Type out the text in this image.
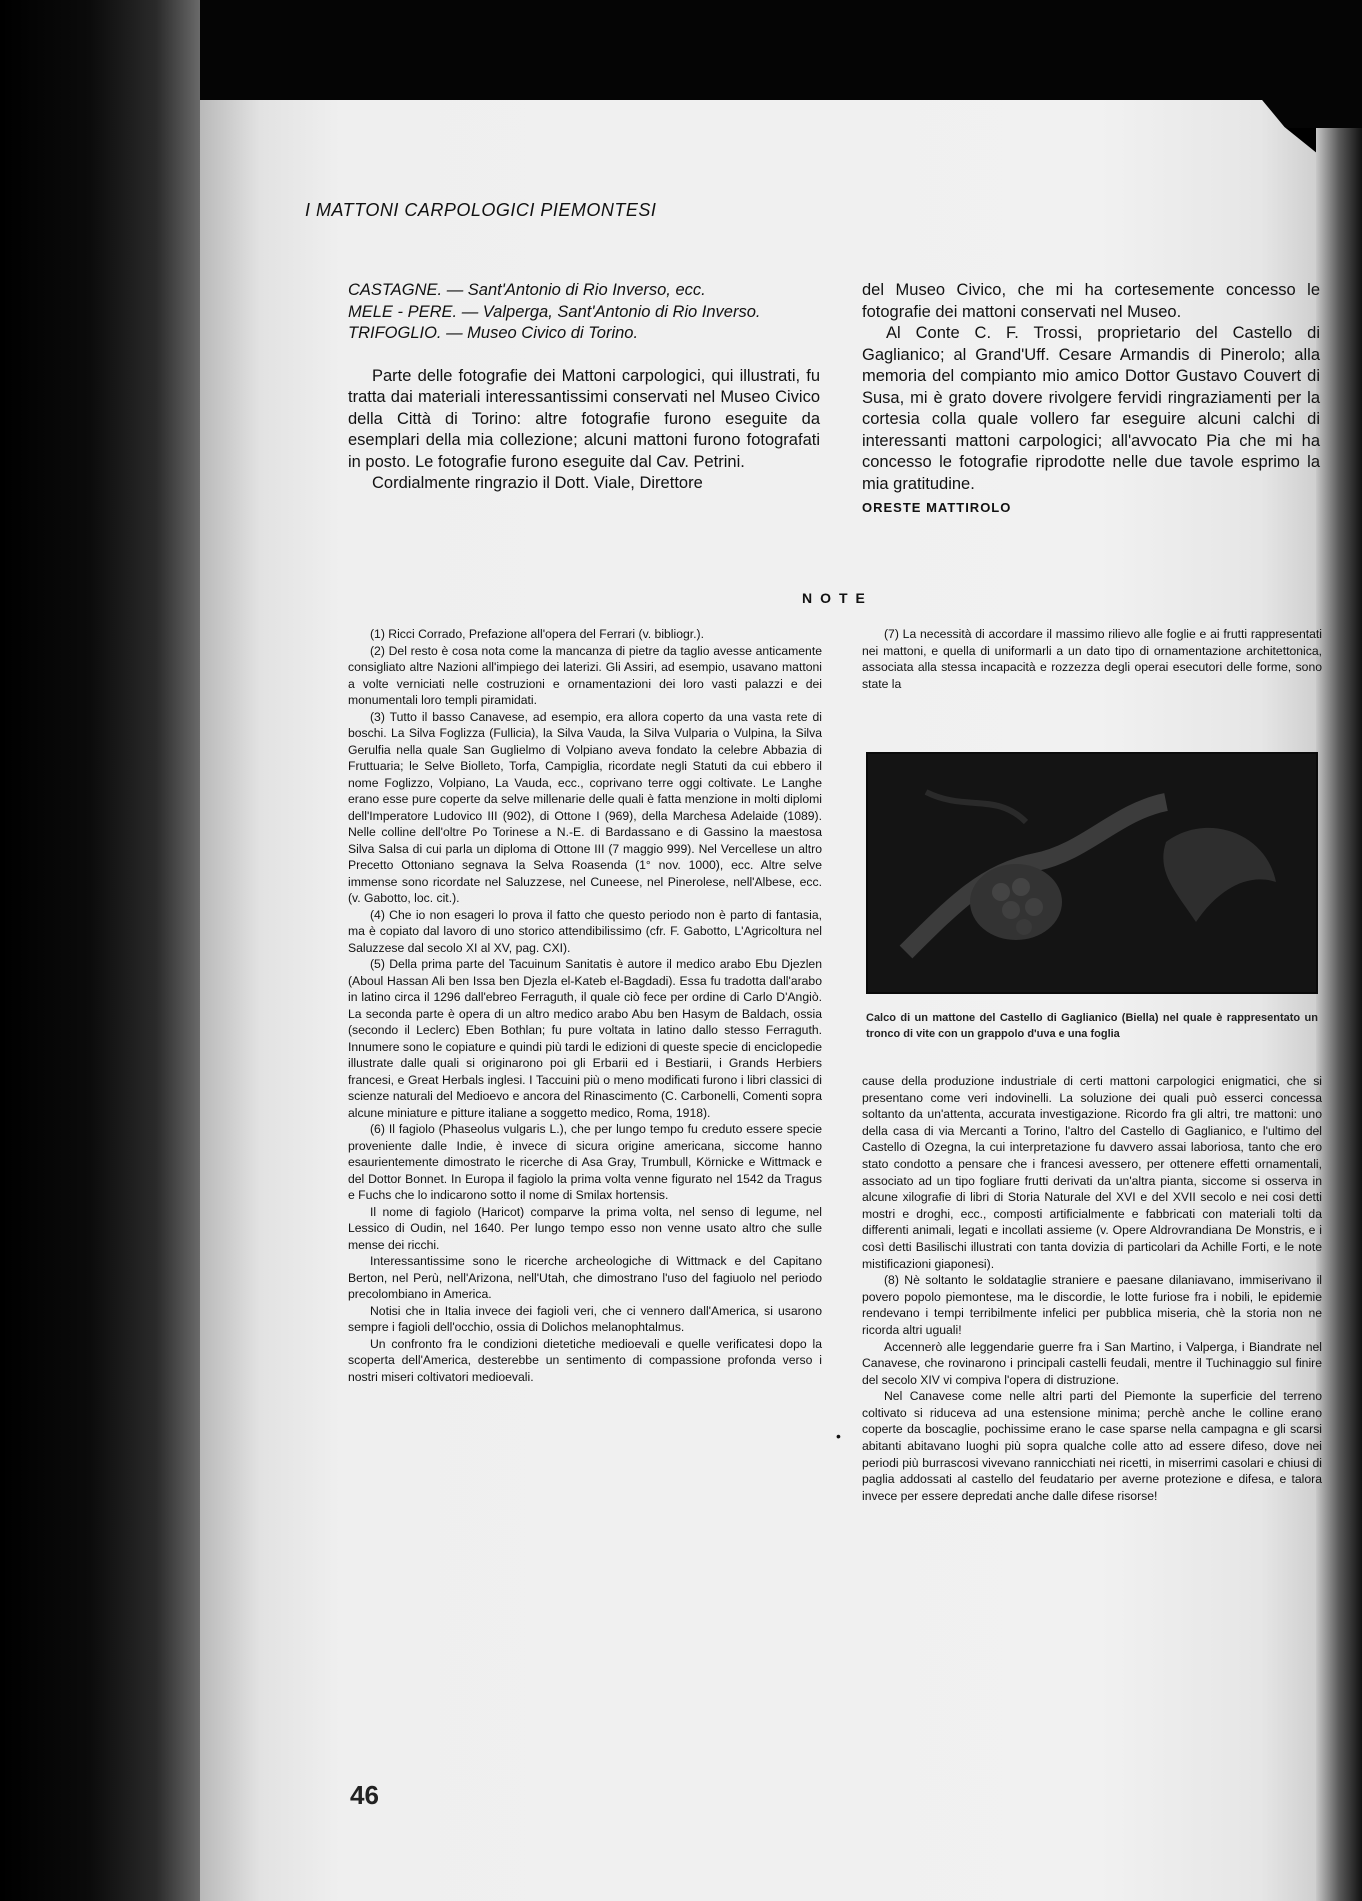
I MATTONI CARPOLOGICI PIEMONTESI

CASTAGNE. — Sant'Antonio di Rio Inverso, ecc.

MELE - PERE. — Valperga, Sant'Antonio di Rio Inverso.

TRIFOGLIO. — Museo Civico di Torino.

Parte delle fotografie dei Mattoni carpologici, qui illustrati, fu tratta dai materiali interessantissimi conservati nel Museo Civico della Città di Torino: altre fotografie furono eseguite da esemplari della mia collezione; alcuni mattoni furono fotografati in posto. Le fotografie furono eseguite dal Cav. Petrini.

Cordialmente ringrazio il Dott. Viale, Direttore

del Museo Civico, che mi ha cortesemente concesso le fotografie dei mattoni conservati nel Museo.

Al Conte C. F. Trossi, proprietario del Castello di Gaglianico; al Grand'Uff. Cesare Armandis di Pinerolo; alla memoria del compianto mio amico Dottor Gustavo Couvert di Susa, mi è grato dovere rivolgere fervidi ringraziamenti per la cortesia colla quale vollero far eseguire alcuni calchi di interessanti mattoni carpologici; all'avvocato Pia che mi ha concesso le fotografie riprodotte nelle due tavole esprimo la mia gratitudine.

ORESTE MATTIROLO

NOTE

(1) Ricci Corrado, Prefazione all'opera del Ferrari (v. bibliogr.).

(2) Del resto è cosa nota come la mancanza di pietre da taglio avesse anticamente consigliato altre Nazioni all'impiego dei laterizi. Gli Assiri, ad esempio, usavano mattoni a volte verniciati nelle costruzioni e ornamentazioni dei loro vasti palazzi e dei monumentali loro templi piramidati.

(3) Tutto il basso Canavese, ad esempio, era allora coperto da una vasta rete di boschi. La Silva Foglizza (Fullicia), la Silva Vauda, la Silva Vulparia o Vulpina, la Silva Gerulfia nella quale San Guglielmo di Volpiano aveva fondato la celebre Abbazia di Fruttuaria; le Selve Biolleto, Torfa, Campiglia, ricordate negli Statuti da cui ebbero il nome Foglizzo, Volpiano, La Vauda, ecc., coprivano terre oggi coltivate. Le Langhe erano esse pure coperte da selve millenarie delle quali è fatta menzione in molti diplomi dell'Imperatore Ludovico III (902), di Ottone I (969), della Marchesa Adelaide (1089). Nelle colline dell'oltre Po Torinese a N.-E. di Bardassano e di Gassino la maestosa Silva Salsa di cui parla un diploma di Ottone III (7 maggio 999). Nel Vercellese un altro Precetto Ottoniano segnava la Selva Roasenda (1° nov. 1000), ecc. Altre selve immense sono ricordate nel Saluzzese, nel Cuneese, nel Pinerolese, nell'Albese, ecc. (v. Gabotto, loc. cit.).

(4) Che io non esageri lo prova il fatto che questo periodo non è parto di fantasia, ma è copiato dal lavoro di uno storico attendibilissimo (cfr. F. Gabotto, L'Agricoltura nel Saluzzese dal secolo XI al XV, pag. CXI).

(5) Della prima parte del Tacuinum Sanitatis è autore il medico arabo Ebu Djezlen (Aboul Hassan Ali ben Issa ben Djezla el-Kateb el-Bagdadi). Essa fu tradotta dall'arabo in latino circa il 1296 dall'ebreo Ferraguth, il quale ciò fece per ordine di Carlo D'Angiò. La seconda parte è opera di un altro medico arabo Abu ben Hasym de Baldach, ossia (secondo il Leclerc) Eben Bothlan; fu pure voltata in latino dallo stesso Ferraguth. Innumere sono le copiature e quindi più tardi le edizioni di queste specie di enciclopedie illustrate dalle quali si originarono poi gli Erbarii ed i Bestiarii, i Grands Herbiers francesi, e Great Herbals inglesi. I Taccuini più o meno modificati furono i libri classici di scienze naturali del Medioevo e ancora del Rinascimento (C. Carbonelli, Comenti sopra alcune miniature e pitture italiane a soggetto medico, Roma, 1918).

(6) Il fagiolo (Phaseolus vulgaris L.), che per lungo tempo fu creduto essere specie proveniente dalle Indie, è invece di sicura origine americana, siccome hanno esaurientemente dimostrato le ricerche di Asa Gray, Trumbull, Körnicke e Wittmack e del Dottor Bonnet. In Europa il fagiolo la prima volta venne figurato nel 1542 da Tragus e Fuchs che lo indicarono sotto il nome di Smilax hortensis.

Il nome di fagiolo (Haricot) comparve la prima volta, nel senso di legume, nel Lessico di Oudin, nel 1640. Per lungo tempo esso non venne usato altro che sulle mense dei ricchi.

Interessantissime sono le ricerche archeologiche di Wittmack e del Capitano Berton, nel Perù, nell'Arizona, nell'Utah, che dimostrano l'uso del fagiuolo nel periodo precolombiano in America.

Notisi che in Italia invece dei fagioli veri, che ci vennero dall'America, si usarono sempre i fagioli dell'occhio, ossia di Dolichos melanophtalmus.

Un confronto fra le condizioni dietetiche medioevali e quelle verificatesi dopo la scoperta dell'America, desterebbe un sentimento di compassione profonda verso i nostri miseri coltivatori medioevali.

(7) La necessità di accordare il massimo rilievo alle foglie e ai frutti rappresentati nei mattoni, e quella di uniformarli a un dato tipo di ornamentazione architettonica, associata alla stessa incapacità e rozzezza degli operai esecutori delle forme, sono state la

Calco di un mattone del Castello di Gaglianico (Biella) nel quale è rappresentato un tronco di vite con un grappolo d'uva e una foglia

cause della produzione industriale di certi mattoni carpologici enigmatici, che si presentano come veri indovinelli. La soluzione dei quali può esserci concessa soltanto da un'attenta, accurata investigazione. Ricordo fra gli altri, tre mattoni: uno della casa di via Mercanti a Torino, l'altro del Castello di Gaglianico, e l'ultimo del Castello di Ozegna, la cui interpretazione fu davvero assai laboriosa, tanto che ero stato condotto a pensare che i francesi avessero, per ottenere effetti ornamentali, associato ad un tipo fogliare frutti derivati da un'altra pianta, siccome si osserva in alcune xilografie di libri di Storia Naturale del XVI e del XVII secolo e nei cosi detti mostri e droghi, ecc., composti artificialmente e fabbricati con materiali tolti da differenti animali, legati e incollati assieme (v. Opere Aldrovrandiana De Monstris, e i così detti Basilischi illustrati con tanta dovizia di particolari da Achille Forti, e le note mistificazioni giaponesi).

(8) Nè soltanto le soldataglie straniere e paesane dilaniavano, immiserivano il povero popolo piemontese, ma le discordie, le lotte furiose fra i nobili, le epidemie rendevano i tempi terribilmente infelici per pubblica miseria, chè la storia non ne ricorda altri uguali!

Accennerò alle leggendarie guerre fra i San Martino, i Valperga, i Biandrate nel Canavese, che rovinarono i principali castelli feudali, mentre il Tuchinaggio sul finire del secolo XIV vi compiva l'opera di distruzione.

Nel Canavese come nelle altri parti del Piemonte la superficie del terreno coltivato si riduceva ad una estensione minima; perchè anche le colline erano coperte da boscaglie, pochissime erano le case sparse nella campagna e gli scarsi abitanti abitavano luoghi più sopra qualche colle atto ad essere difeso, dove nei periodi più burrascosi vivevano rannicchiati nei ricetti, in miserrimi casolari e chiusi di paglia addossati al castello del feudatario per averne protezione e difesa, e talora invece per essere depredati anche dalle difese risorse!

•
46
